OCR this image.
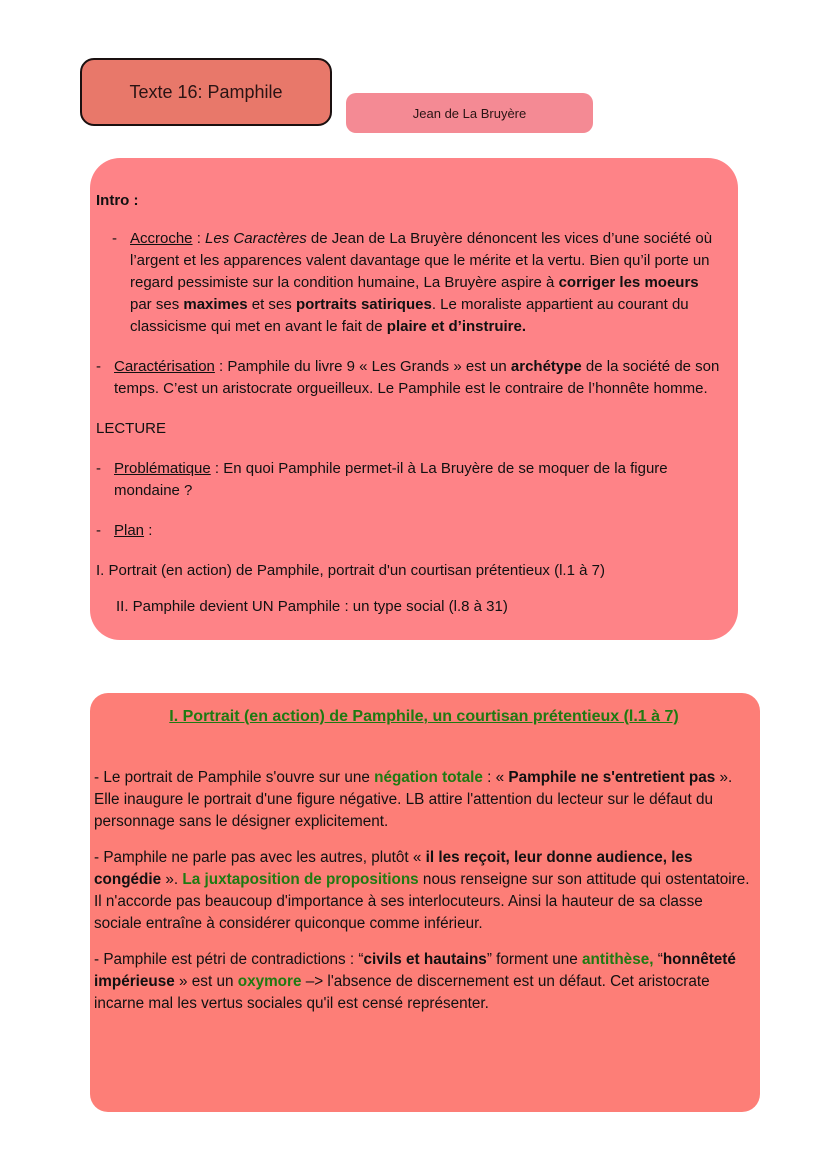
Texte 16: Pamphile
Jean de La Bruyère

Intro :

- Accroche : Les Caractères de Jean de La Bruyère dénoncent les vices d’une société où l’argent et les apparences valent davantage que le mérite et la vertu. Bien qu’il porte un regard pessimiste sur la condition humaine, La Bruyère aspire à corriger les moeurs par ses maximes et ses portraits satiriques. Le moraliste appartient au courant du classicisme qui met en avant le fait de plaire et d’instruire.

- Caractérisation : Pamphile du livre 9 « Les Grands » est un archétype de la société de son temps. C’est un aristocrate orgueilleux. Le Pamphile est le contraire de l’honnête homme.

LECTURE

- Problématique : En quoi Pamphile permet-il à La Bruyère de se moquer de la figure mondaine ?

- Plan :

I. Portrait (en action) de Pamphile, portrait d'un courtisan prétentieux (l.1 à 7)

II. Pamphile devient UN Pamphile : un type social (l.8 à 31)

I. Portrait (en action) de Pamphile, un courtisan prétentieux (l.1 à 7)

- Le portrait de Pamphile s'ouvre sur une négation totale : « Pamphile ne s'entretient pas ». Elle inaugure le portrait d'une figure négative. LB attire l'attention du lecteur sur le défaut du personnage sans le désigner explicitement.

- Pamphile ne parle pas avec les autres, plutôt « il les reçoit, leur donne audience, les congédie ». La juxtaposition de propositions nous renseigne sur son attitude qui ostentatoire. Il n'accorde pas beaucoup d'importance à ses interlocuteurs. Ainsi la hauteur de sa classe sociale entraîne à considérer quiconque comme inférieur.

- Pamphile est pétri de contradictions : “civils et hautains” forment une antithèse, “honnêteté impérieuse » est un oxymore –> l'absence de discernement est un défaut. Cet aristocrate incarne mal les vertus sociales qu'il est censé représenter.
